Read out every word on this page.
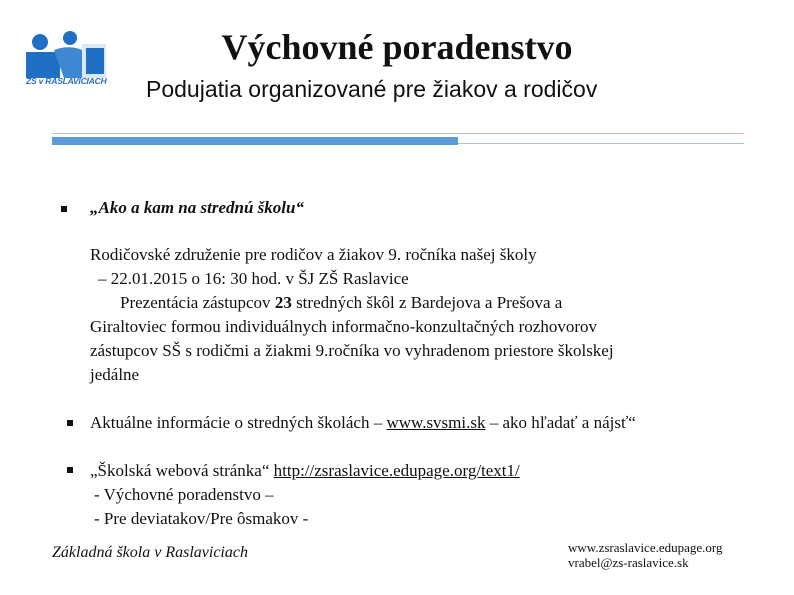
ZŠ v RASLAVICIACH
Výchovné poradenstvo
Podujatia organizované pre žiakov a rodičov
„Ako a kam na strednú školu“
Rodičovské združenie pre rodičov a žiakov 9. ročníka našej školy
– 22.01.2015 o 16: 30 hod. v ŠJ ZŠ Raslavice
Prezentácia zástupcov 23 stredných škôl z Bardejova a Prešova a
Giraltoviec formou individuálnych informačno-konzultačných rozhovorov
zástupcov SŠ s rodičmi a žiakmi 9.ročníka vo vyhradenom priestore školskej
jedálne
Aktuálne informácie o stredných školách – www.svsmi.sk – ako hľadať a nájsť“
„Školská webová stránka“ http://zsraslavice.edupage.org/text1/
- Výchovné poradenstvo –
- Pre deviatakov/Pre ôsmakov -
Základná škola v Raslaviciach	www.zsraslavice.edupage.org
vrabel@zs-raslavice.sk
